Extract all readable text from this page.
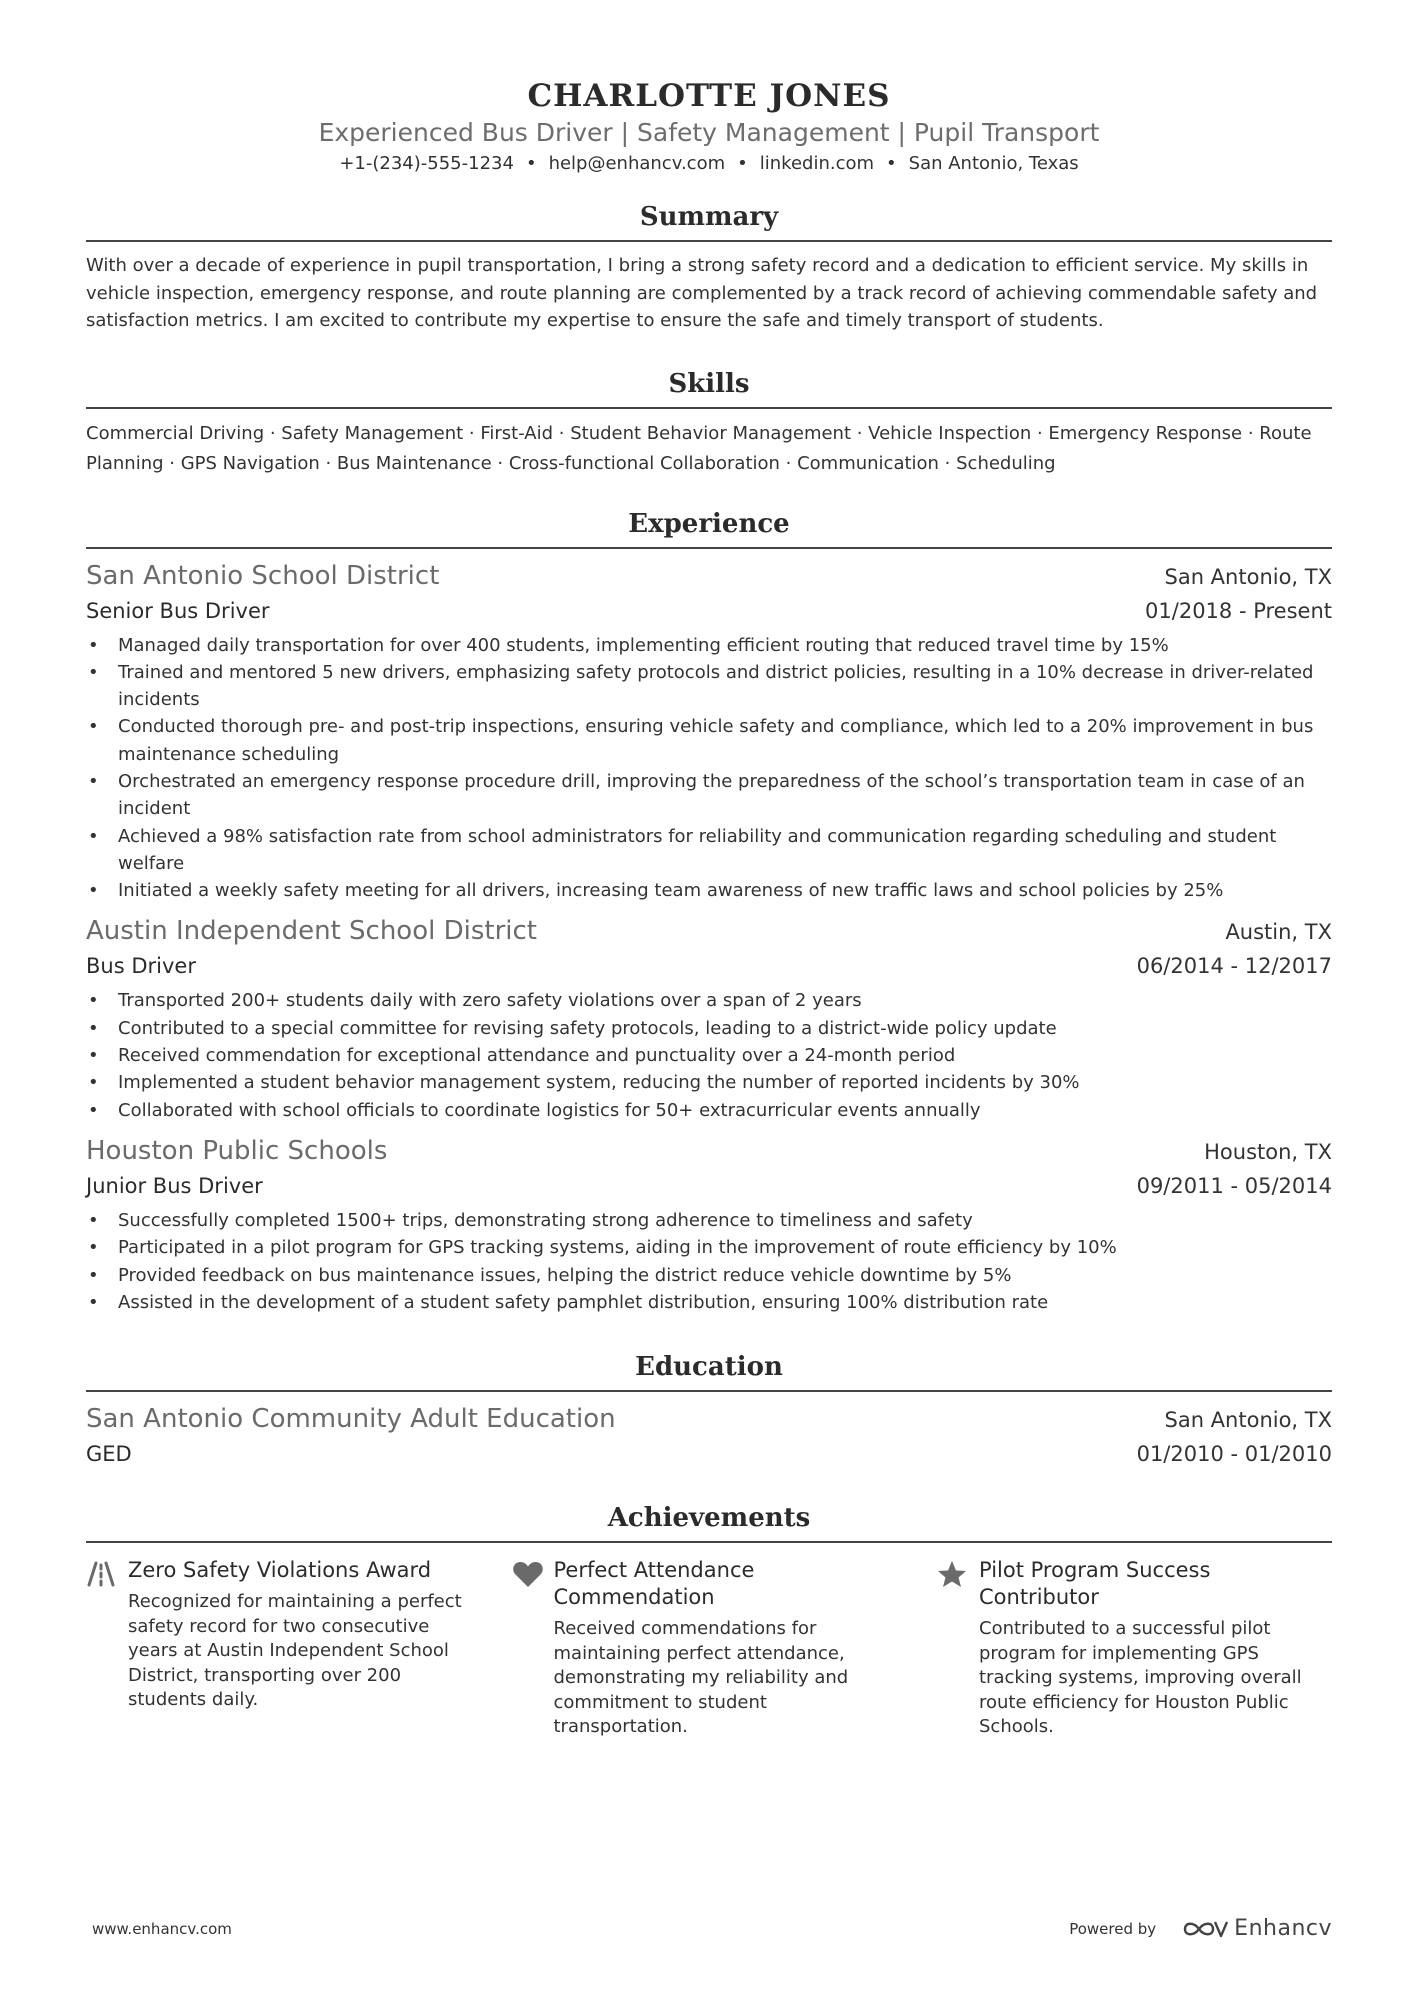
CHARLOTTE JONES
Experienced Bus Driver | Safety Management | Pupil Transport
+1-(234)-555-1234 • help@enhancv.com • linkedin.com • San Antonio, Texas
Summary

With over a decade of experience in pupil transportation, I bring a strong safety record and a dedication to efficient service. My skills in vehicle inspection, emergency response, and route planning are complemented by a track record of achieving commendable safety and satisfaction metrics. I am excited to contribute my expertise to ensure the safe and timely transport of students.

Skills

Commercial Driving · Safety Management · First-Aid · Student Behavior Management · Vehicle Inspection · Emergency Response · Route Planning · GPS Navigation · Bus Maintenance · Cross-functional Collaboration · Communication · Scheduling

Experience
San Antonio School District	San Antonio, TX
Senior Bus Driver	01/2018 - Present
• Managed daily transportation for over 400 students, implementing efficient routing that reduced travel time by 15%
• Trained and mentored 5 new drivers, emphasizing safety protocols and district policies, resulting in a 10% decrease in driver-related incidents
• Conducted thorough pre- and post-trip inspections, ensuring vehicle safety and compliance, which led to a 20% improvement in bus maintenance scheduling
• Orchestrated an emergency response procedure drill, improving the preparedness of the school’s transportation team in case of an incident
• Achieved a 98% satisfaction rate from school administrators for reliability and communication regarding scheduling and student welfare
• Initiated a weekly safety meeting for all drivers, increasing team awareness of new traffic laws and school policies by 25%
Austin Independent School District	Austin, TX
Bus Driver	06/2014 - 12/2017
• Transported 200+ students daily with zero safety violations over a span of 2 years
• Contributed to a special committee for revising safety protocols, leading to a district-wide policy update
• Received commendation for exceptional attendance and punctuality over a 24-month period
• Implemented a student behavior management system, reducing the number of reported incidents by 30%
• Collaborated with school officials to coordinate logistics for 50+ extracurricular events annually
Houston Public Schools	Houston, TX
Junior Bus Driver	09/2011 - 05/2014
• Successfully completed 1500+ trips, demonstrating strong adherence to timeliness and safety
• Participated in a pilot program for GPS tracking systems, aiding in the improvement of route efficiency by 10%
• Provided feedback on bus maintenance issues, helping the district reduce vehicle downtime by 5%
• Assisted in the development of a student safety pamphlet distribution, ensuring 100% distribution rate
Education
San Antonio Community Adult Education	San Antonio, TX
GED	01/2010 - 01/2010
Achievements
Zero Safety Violations Award
Recognized for maintaining a perfect safety record for two consecutive years at Austin Independent School District, transporting over 200 students daily.
Perfect Attendance Commendation
Received commendations for maintaining perfect attendance, demonstrating my reliability and commitment to student transportation.
Pilot Program Success Contributor
Contributed to a successful pilot program for implementing GPS tracking systems, improving overall route efficiency for Houston Public Schools.
www.enhancv.com	Powered by	Enhancv
